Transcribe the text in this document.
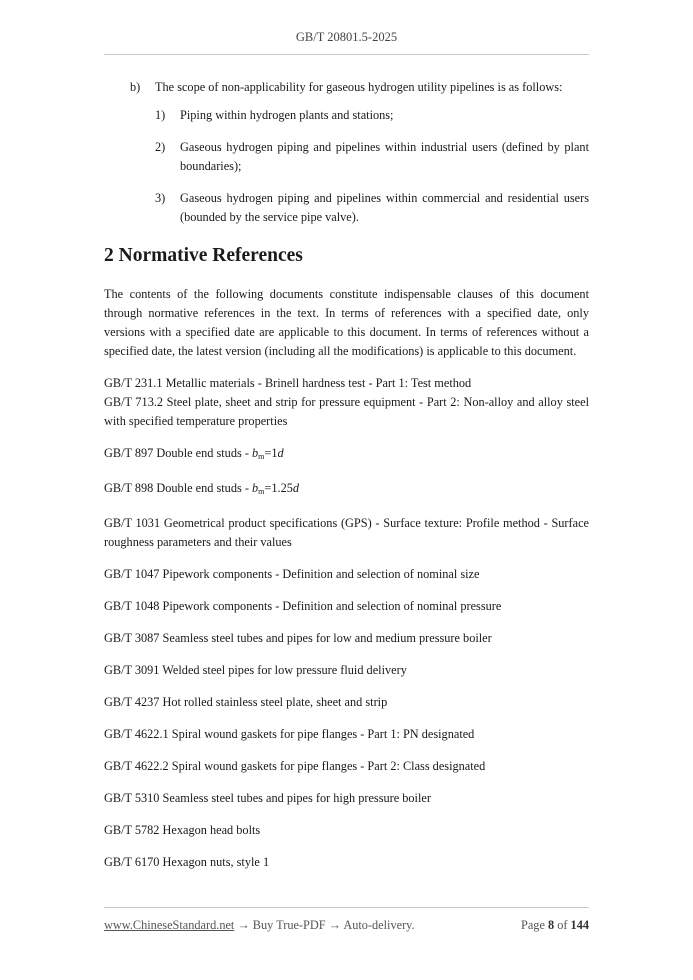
GB/T 20801.5-2025
b)	The scope of non-applicability for gaseous hydrogen utility pipelines is as follows:
1)	Piping within hydrogen plants and stations;
2)	Gaseous hydrogen piping and pipelines within industrial users (defined by plant boundaries);
3)	Gaseous hydrogen piping and pipelines within commercial and residential users (bounded by the service pipe valve).
2 Normative References
The contents of the following documents constitute indispensable clauses of this document through normative references in the text. In terms of references with a specified date, only versions with a specified date are applicable to this document. In terms of references without a specified date, the latest version (including all the modifications) is applicable to this document.
GB/T 231.1 Metallic materials - Brinell hardness test - Part 1: Test method
GB/T 713.2 Steel plate, sheet and strip for pressure equipment - Part 2: Non-alloy and alloy steel with specified temperature properties
GB/T 897 Double end studs - $b_m=1d$
GB/T 898 Double end studs - $b_m=1.25d$
GB/T 1031 Geometrical product specifications (GPS) - Surface texture: Profile method - Surface roughness parameters and their values
GB/T 1047 Pipework components - Definition and selection of nominal size
GB/T 1048 Pipework components - Definition and selection of nominal pressure
GB/T 3087 Seamless steel tubes and pipes for low and medium pressure boiler
GB/T 3091 Welded steel pipes for low pressure fluid delivery
GB/T 4237 Hot rolled stainless steel plate, sheet and strip
GB/T 4622.1 Spiral wound gaskets for pipe flanges - Part 1: PN designated
GB/T 4622.2 Spiral wound gaskets for pipe flanges - Part 2: Class designated
GB/T 5310 Seamless steel tubes and pipes for high pressure boiler
GB/T 5782 Hexagon head bolts
GB/T 6170 Hexagon nuts, style 1
www.ChineseStandard.net → Buy True-PDF → Auto-delivery.	Page 8 of 144
